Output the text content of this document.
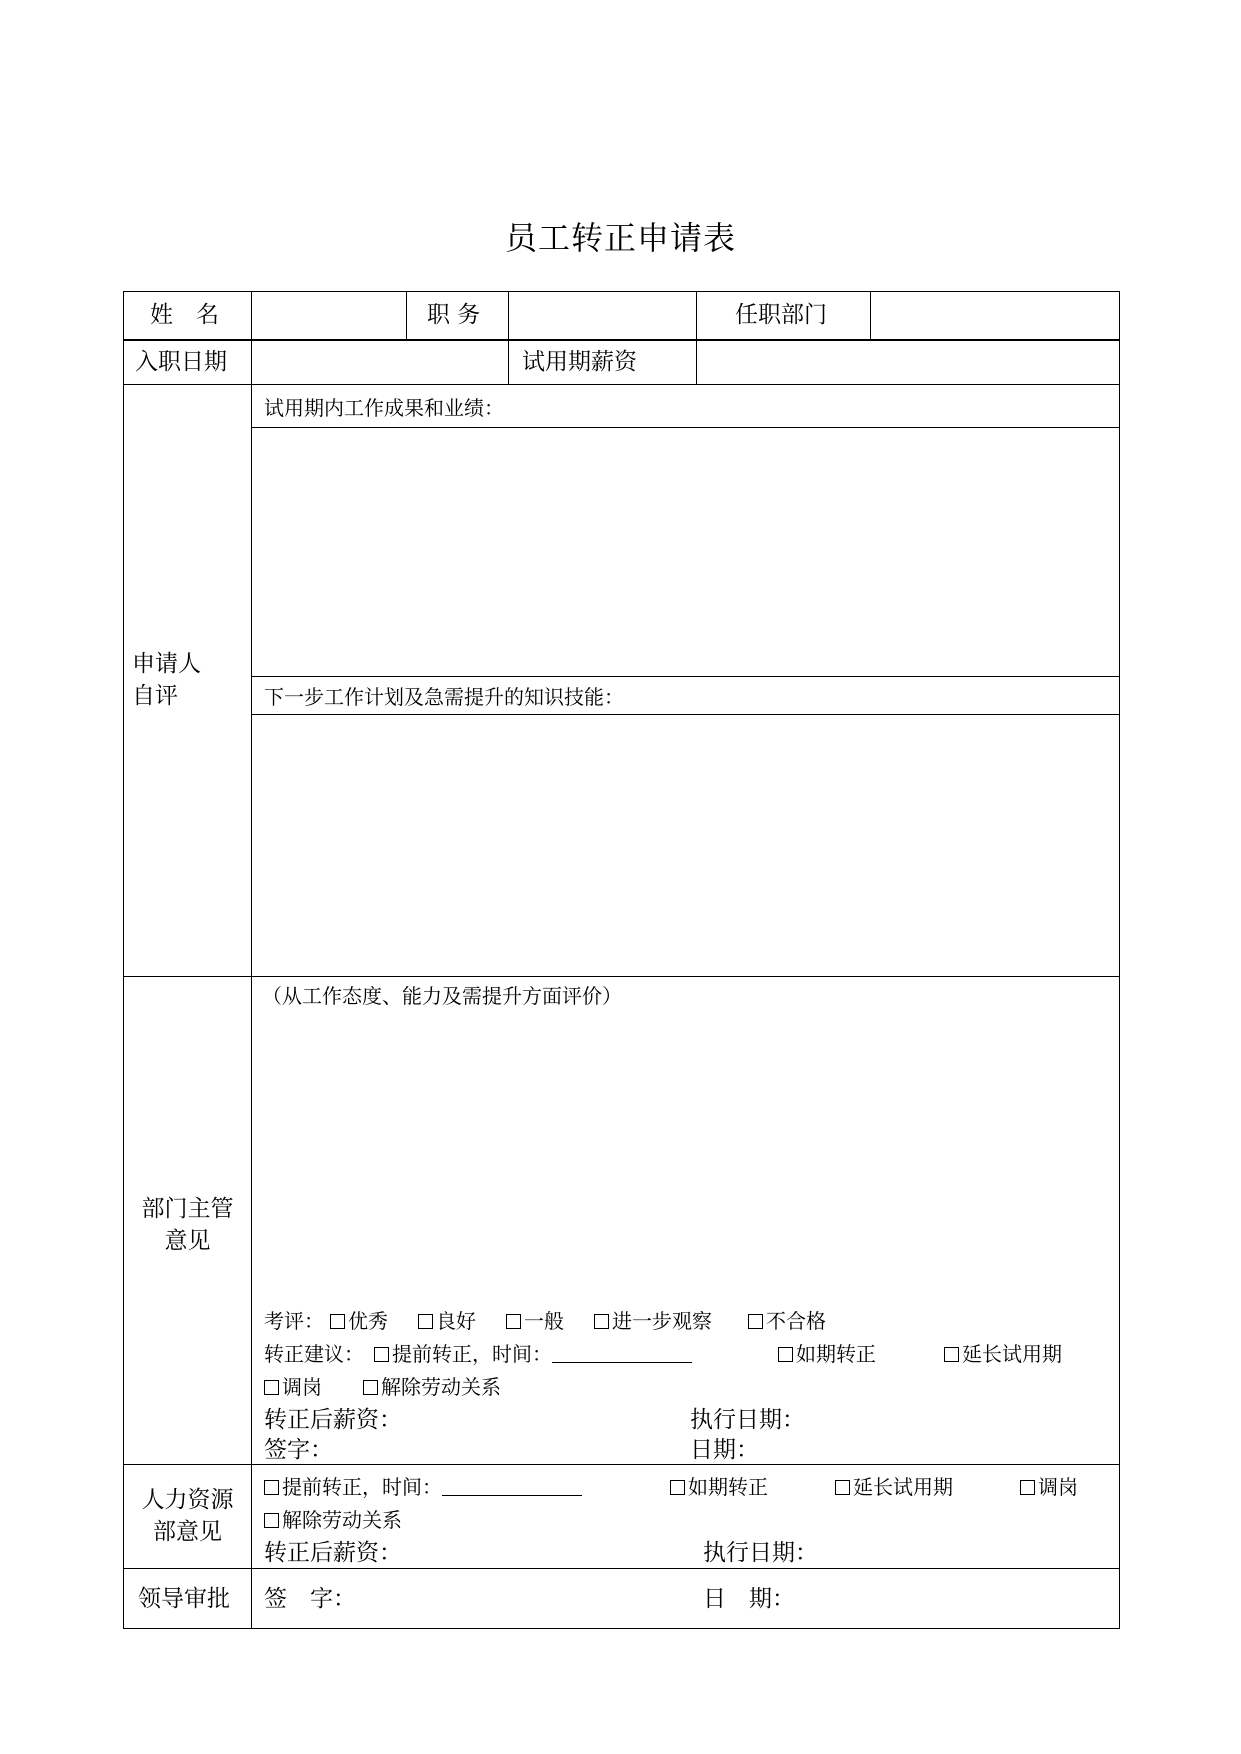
员工转正申请表
姓　名	职 务	任职部门
入职日期	试用期薪资
申请人
自评
试用期内工作成果和业绩：
下一步工作计划及急需提升的知识技能：
部门主管
意见
（从工作态度、能力及需提升方面评价）
考评：	优秀	良好	一般	进一步观察	不合格
转正建议：	提前转正，时间：	如期转正	延长试用期
调岗	解除劳动关系
转正后薪资：	执行日期：
签字：	日期：
人力资源
部意见
提前转正，时间：	如期转正	延长试用期	调岗
解除劳动关系
转正后薪资：	执行日期：
领导审批 签　字：	日　期：
